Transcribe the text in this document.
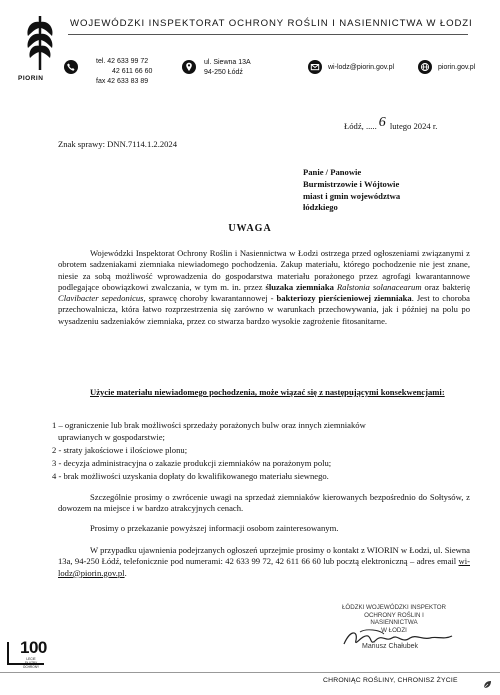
PIORIN
WOJEWÓDZKI INSPEKTORAT OCHRONY ROŚLIN I NASIENNICTWA W ŁODZI
tel. 42 633 99 72
42 611 66 60
fax 42 633 83 89
ul. Siewna 13A
94-250 Łódź
wi-lodz@piorin.gov.pl	piorin.gov.pl
Łódź, ..... 6 lutego 2024 r.
Znak sprawy: DNN.7114.1.2.2024
Panie / Panowie
Burmistrzowie i Wójtowie
miast i gmin województwa
łódzkiego
UWAGA
Wojewódzki Inspektorat Ochrony Roślin i Nasiennictwa w Łodzi ostrzega przed ogłoszeniami związanymi z obrotem sadzeniakami ziemniaka niewiadomego pochodzenia. Zakup materiału, którego pochodzenie nie jest znane, niesie za sobą możliwość wprowadzenia do gospodarstwa materiału porażonego przez agrofagi kwarantannowe podlegające obowiązkowi zwalczania, w tym m. in. przez śluzaka ziemniaka Ralstonia solanacearum oraz bakterię Clavibacter sepedonicus, sprawcę choroby kwarantannowej - bakteriozy pierścieniowej ziemniaka. Jest to choroba przechowalnicza, która łatwo rozprzestrzenia się zarówno w warunkach przechowywania, jak i później na polu po wysadzeniu sadzeniaków ziemniaka, przez co stwarza bardzo wysokie zagrożenie fitosanitarne.
Użycie materiału niewiadomego pochodzenia, może wiązać się z następującymi konsekwencjami:
1 – ograniczenie lub brak możliwości sprzedaży porażonych bulw oraz innych ziemniaków
uprawianych w gospodarstwie;
2 - straty jakościowe i ilościowe plonu;
3 - decyzja administracyjna o zakazie produkcji ziemniaków na porażonym polu;
4 - brak możliwości uzyskania dopłaty do kwalifikowanego materiału siewnego.
Szczególnie prosimy o zwrócenie uwagi na sprzedaż ziemniaków kierowanych bezpośrednio do Sołtysów, z dowozem na miejsce i w bardzo atrakcyjnych cenach.
Prosimy o przekazanie powyższej informacji osobom zainteresowanym.
W przypadku ujawnienia podejrzanych ogłoszeń uprzejmie prosimy o kontakt z WIORIN w Łodzi, ul. Siewna 13a, 94-250 Łódź, telefonicznie pod numerami: 42 633 99 72, 42 611 66 60 lub pocztą elektroniczną – adres email wi-lodz@piorin.gov.pl.
ŁÓDZKI WOJEWÓDZKI INSPEKTOR
OCHRONY ROŚLIN I NASIENNICTWA
W ŁODZI
Mariusz Chałubek
100
LECIE SŁUŻBY OCHRONY
CHRONIĄC ROŚLINY, CHRONISZ ŻYCIE
